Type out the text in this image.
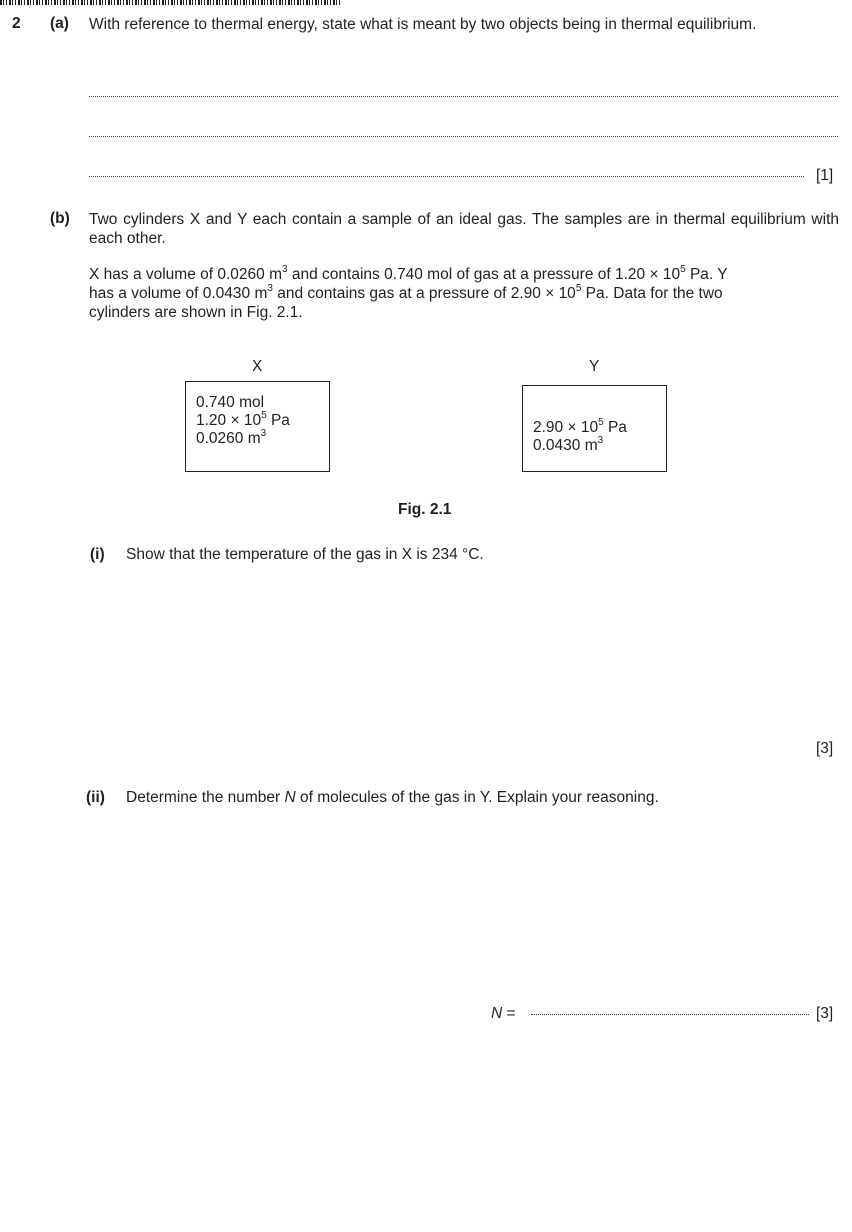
2 (a) With reference to thermal energy, state what is meant by two objects being in thermal equilibrium.
[1]
(b) Two cylinders X and Y each contain a sample of an ideal gas. The samples are in thermal equilibrium with each other.
X has a volume of 0.0260 $m^3$ and contains 0.740 mol of gas at a pressure of $1.20 \times 10^5$ Pa. Y
has a volume of 0.0430 $m^3$ and contains gas at a pressure of $2.90 \times 10^5$ Pa. Data for the two
cylinders are shown in Fig. 2.1.
X
0.740 mol
$1.20 \times 10^5$ Pa
0.0260 $m^3$
Y
$2.90 \times 10^5$ Pa
0.0430 $m^3$
Fig. 2.1
(i) Show that the temperature of the gas in X is 234 °C.
[3]
(ii) Determine the number N of molecules of the gas in Y. Explain your reasoning.
N =	[3]
